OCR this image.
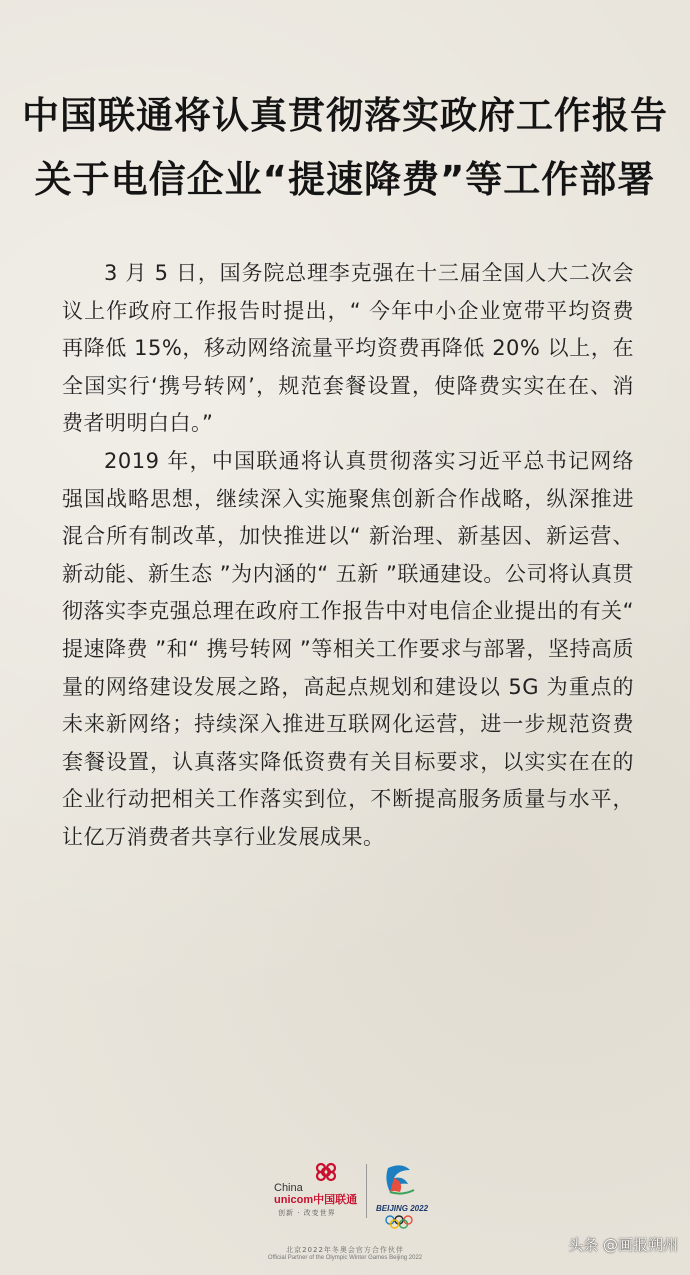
中国联通将认真贯彻落实政府工作报告
关于电信企业“提速降费”等工作部署

3 月 5 日，国务院总理李克强在十三届全国人大二次会议上作政府工作报告时提出，“ 今年中小企业宽带平均资费再降低 15%，移动网络流量平均资费再降低 20% 以上，在全国实行‘携号转网’，规范套餐设置，使降费实实在在、消费者明明白白。”

2019 年，中国联通将认真贯彻落实习近平总书记网络强国战略思想，继续深入实施聚焦创新合作战略，纵深推进混合所有制改革，加快推进以“ 新治理、新基因、新运营、新动能、新生态 ”为内涵的“ 五新 ”联通建设。公司将认真贯彻落实李克强总理在政府工作报告中对电信企业提出的有关“ 提速降费 ”和“ 携号转网 ”等相关工作要求与部署，坚持高质量的网络建设发展之路，高起点规划和建设以 5G 为重点的未来新网络；持续深入推进互联网化运营，进一步规范资费套餐设置，认真落实降低资费有关目标要求，以实实在在的企业行动把相关工作落实到位，不断提高服务质量与水平，让亿万消费者共享行业发展成果。

China
unicom中国联通
创新 · 改变世界	BEIJING 2022
北京2022年冬奥会官方合作伙伴
Official Partner of the Olympic Winter Games Beijing 2022
头条 @画报朔州
